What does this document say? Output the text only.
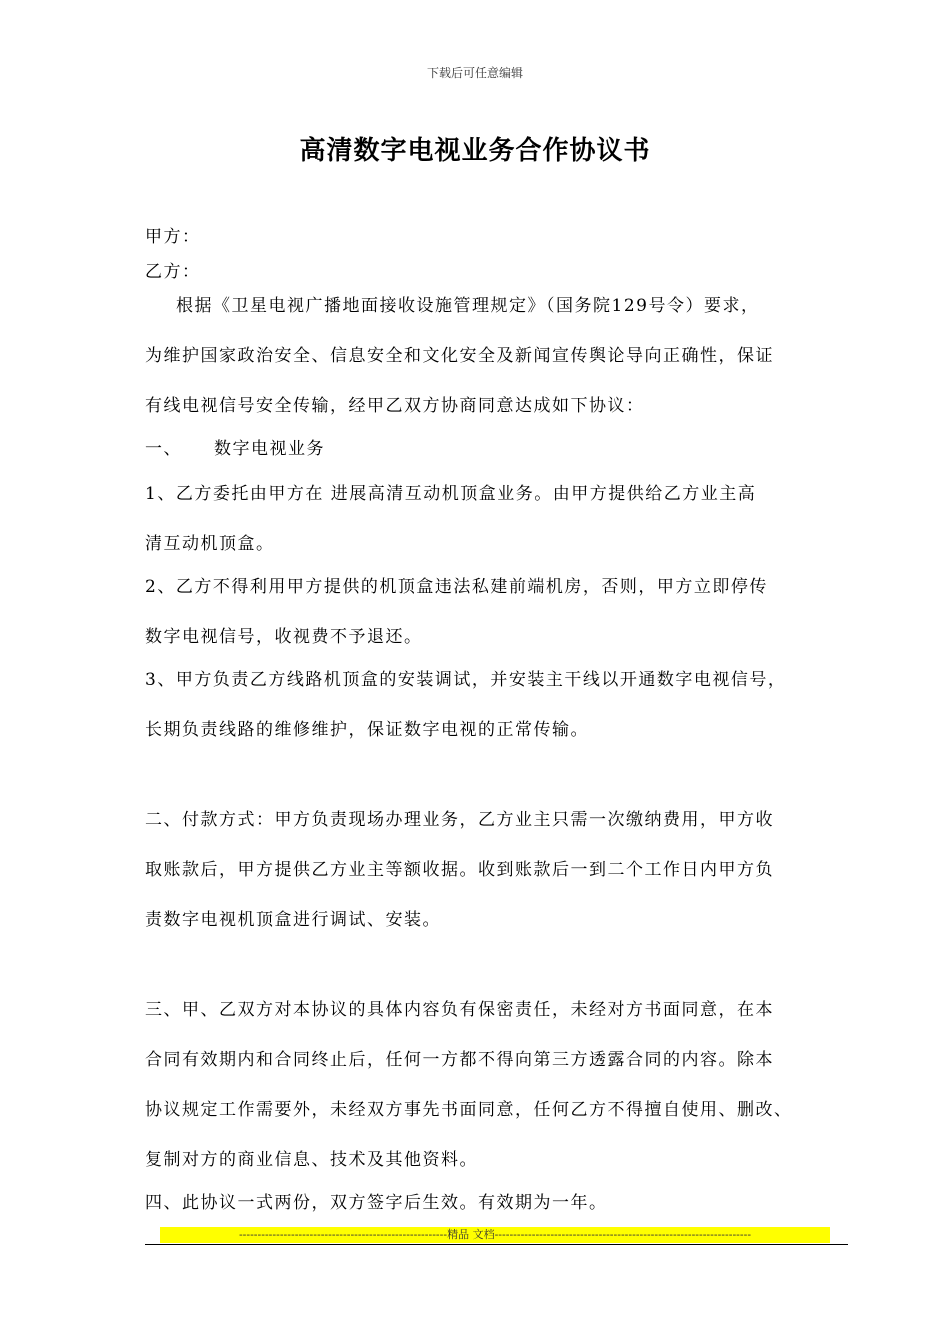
下载后可任意编辑
高清数字电视业务合作协议书
甲方：
乙方：
根据《卫星电视广播地面接收设施管理规定》（国务院129号令）要求，
为维护国家政治安全、信息安全和文化安全及新闻宣传舆论导向正确性，保证
有线电视信号安全传输，经甲乙双方协商同意达成如下协议：
一、 数字电视业务
1、乙方委托由甲方在 进展高清互动机顶盒业务。由甲方提供给乙方业主高
清互动机顶盒。
2、乙方不得利用甲方提供的机顶盒违法私建前端机房，否则，甲方立即停传
数字电视信号，收视费不予退还。
3、甲方负责乙方线路机顶盒的安装调试，并安装主干线以开通数字电视信号，
长期负责线路的维修维护，保证数字电视的正常传输。
二、付款方式：甲方负责现场办理业务，乙方业主只需一次缴纳费用，甲方收
取账款后，甲方提供乙方业主等额收据。收到账款后一到二个工作日内甲方负
责数字电视机顶盒进行调试、安装。
三、甲、乙双方对本协议的具体内容负有保密责任，未经对方书面同意，在本
合同有效期内和合同终止后，任何一方都不得向第三方透露合同的内容。除本
协议规定工作需要外，未经双方事先书面同意，任何乙方不得擅自使用、删改、
复制对方的商业信息、技术及其他资料。
四、此协议一式两份，双方签字后生效。有效期为一年。
--------------------------------------------------------精品 文档---------------------------------------------------------------------
